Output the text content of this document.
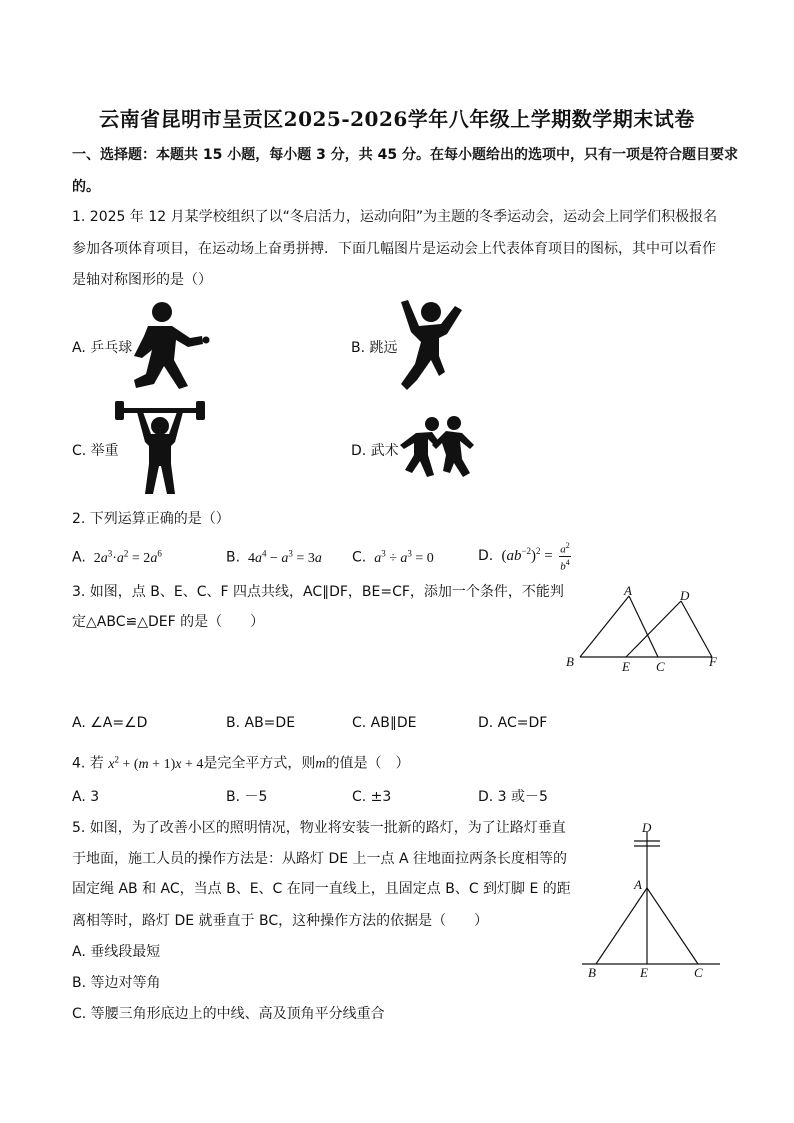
云南省昆明市呈贡区2025-2026学年八年级上学期数学期末试卷
一、选择题：本题共 15 小题，每小题 3 分，共 45 分。在每小题给出的选项中，只有一项是符合题目要求
的。
1. 2025 年 12 月某学校组织了以“冬启活力，运动向阳”为主题的冬季运动会，运动会上同学们积极报名
参加各项体育项目，在运动场上奋勇拼搏．下面几幅图片是运动会上代表体育项目的图标，其中可以看作
是轴对称图形的是（）
A. 乒乓球	B. 跳远
C. 举重	D. 武术
2. 下列运算正确的是（）
A.  $2a^3\cdot a^2 = 2a^6$	B.  $4a^4 - a^3 = 3a$ C. $a^3 \div a^3 = 0$	D.  $(ab^{-2})^2 = a^2$
$b^4$
3. 如图，点 B、E、C、F 四点共线，AC∥DF，BE=CF，添加一个条件，不能判
定△ABC≌△DEF 的是（　　）
A	D
B	E C	F
A. ∠A=∠D	B. AB=DE	C. AB∥DE	D. AC=DF
4. 若 $x^2 + (m + 1)x + 4$是完全平方式，则m的值是（　）
A. 3	B. －5	C. ±3	D. 3 或－5
5. 如图，为了改善小区的照明情况，物业将安装一批新的路灯，为了让路灯垂直
于地面，施工人员的操作方法是：从路灯 DE 上一点 A 往地面拉两条长度相等的
固定绳 AB 和 AC，当点 B、E、C 在同一直线上，且固定点 B、C 到灯脚 E 的距
离相等时，路灯 DE 就垂直于 BC，这种操作方法的依据是（　　）
A. 垂线段最短
B. 等边对等角
C. 等腰三角形底边上的中线、高及顶角平分线重合
D
A
B	E	C
